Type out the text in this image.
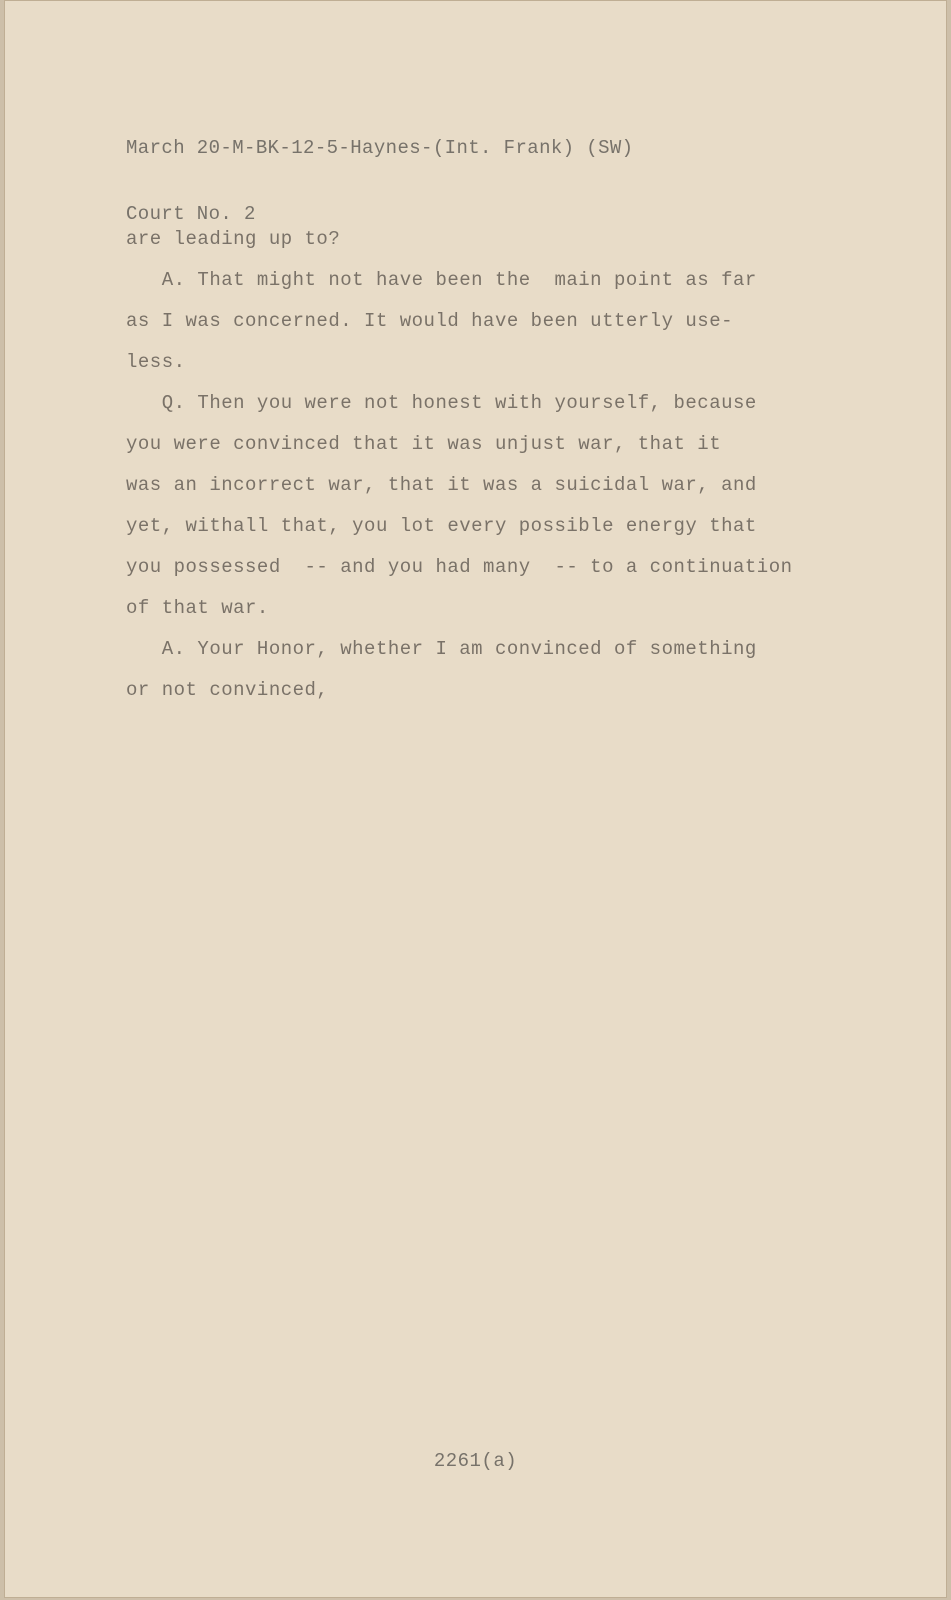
March 20-M-BK-12-5-Haynes-(Int. Frank) (SW)

Court No. 2

are leading up to?
A. That might not have been the  main point as far
as I was concerned. It would have been utterly use-
less.
Q. Then you were not honest with yourself, because
you were convinced that it was unjust war, that it
was an incorrect war, that it was a suicidal war, and
yet, withall that, you lot every possible energy that
you possessed  -- and you had many  -- to a continuation
of that war.
A. Your Honor, whether I am convinced of something
or not convinced,
2261(a)
